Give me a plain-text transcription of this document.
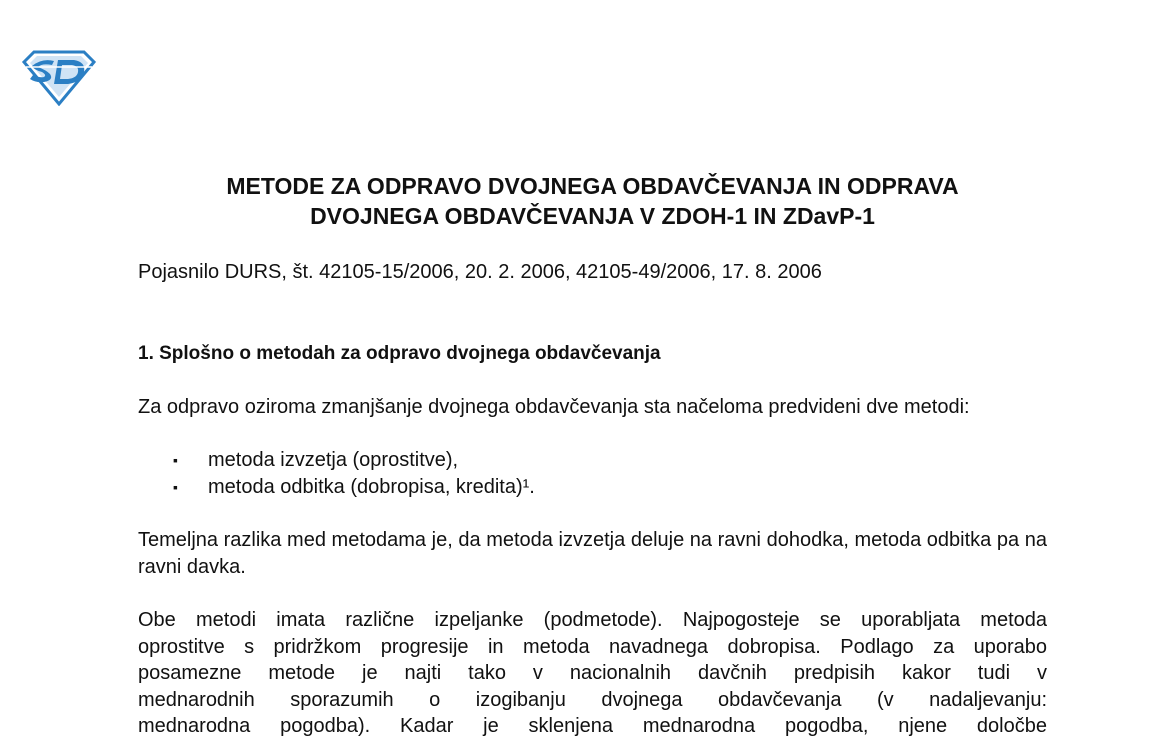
METODE ZA ODPRAVO DVOJNEGA OBDAVČEVANJA IN ODPRAVA
DVOJNEGA OBDAVČEVANJA V ZDOH-1 IN ZDavP-1
Pojasnilo DURS, št. 42105-15/2006, 20. 2. 2006, 42105-49/2006, 17. 8. 2006
1. Splošno o metodah za odpravo dvojnega obdavčevanja
Za odpravo oziroma zmanjšanje dvojnega obdavčevanja sta načeloma predvideni dve metodi:
▪ metoda izvzetja (oprostitve),
▪ metoda odbitka (dobropisa, kredita)¹.
Temeljna razlika med metodama je, da metoda izvzetja deluje na ravni dohodka, metoda odbitka pa na ravni davka.
Obe metodi imata različne izpeljanke (podmetode). Najpogosteje se uporabljata metoda
oprostitve s pridržkom progresije in metoda navadnega dobropisa. Podlago za uporabo
posamezne metode je najti tako v nacionalnih davčnih predpisih kakor tudi v
mednarodnih sporazumih o izogibanju dvojnega obdavčevanja (v nadaljevanju:
mednarodna pogodba). Kadar je sklenjena mednarodna pogodba, njene določbe
